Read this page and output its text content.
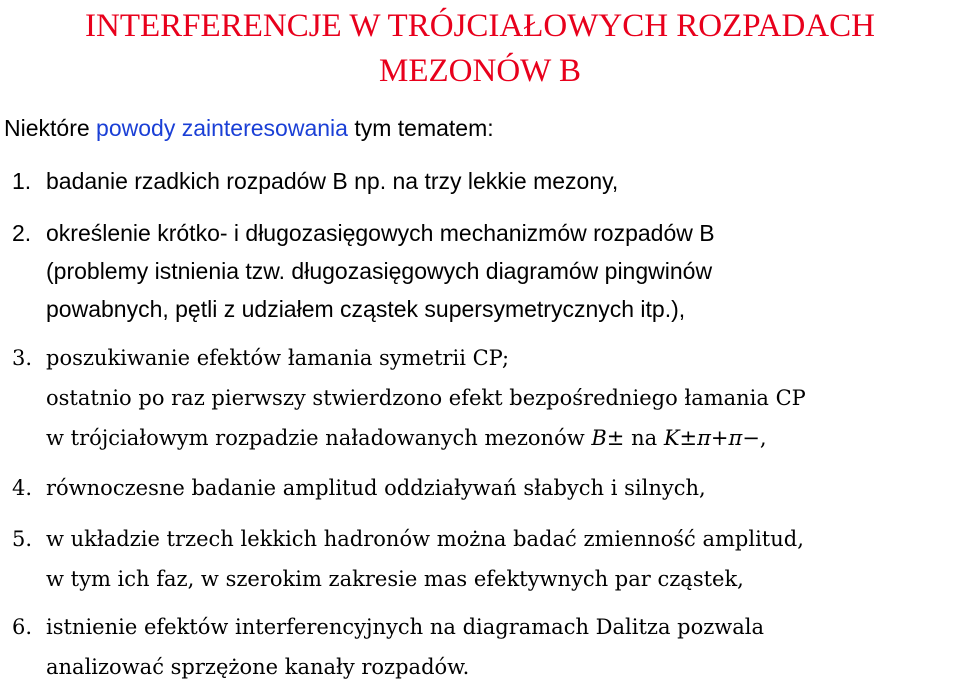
INTERFERENCJE W TRÓJCIAŁOWYCH ROZPADACH
MEZONÓW B
Niektóre powody zainteresowania tym tematem:
1. badanie rzadkich rozpadów B np. na trzy lekkie mezony,
2. określenie krótko- i długozasięgowych mechanizmów rozpadów B
(problemy istnienia tzw. długozasięgowych diagramów pingwinów
powabnych, pętli z udziałem cząstek supersymetrycznych itp.),
3. poszukiwanie efektów łamania symetrii CP;
ostatnio po raz pierwszy stwierdzono efekt bezpośredniego łamania CP
w trójciałowym rozpadzie naładowanych mezonów B± na K±π+π−,
4. równoczesne badanie amplitud oddziaływań słabych i silnych,
5. w układzie trzech lekkich hadronów można badać zmienność amplitud,
w tym ich faz, w szerokim zakresie mas efektywnych par cząstek,
6. istnienie efektów interferencyjnych na diagramach Dalitza pozwala
analizować sprzężone kanały rozpadów.
